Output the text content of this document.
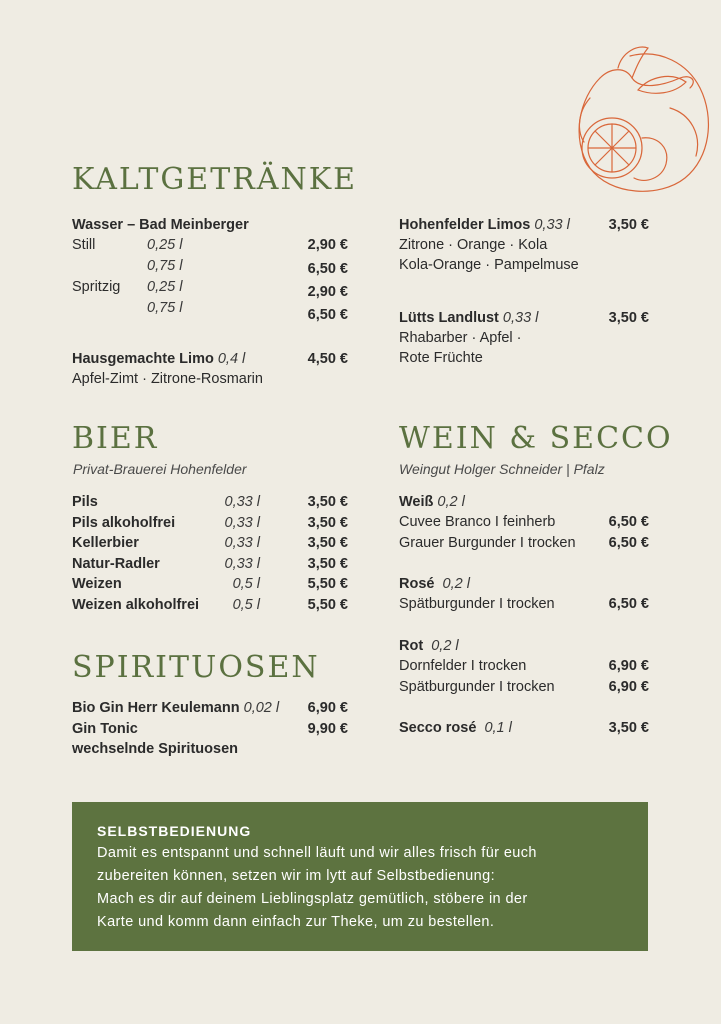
KALTGETRÄNKE
Wasser – Bad Meinberger
Still	0,25 l	2,90 €
0,75 l	6,50 €
Spritzig 0,25 l	2,90 €
0,75 l	6,50 €
Hausgemachte Limo 0,4 l	4,50 €
Apfel-Zimt · Zitrone-Rosmarin
Hohenfelder Limos 0,33 l	3,50 €
Zitrone · Orange · Kola
Kola-Orange · Pampelmuse
Lütts Landlust 0,33 l	3,50 €
Rhabarber · Apfel ·
Rote Früchte
BIER
Privat-Brauerei Hohenfelder
Pils	0,33 l	3,50 €
Pils alkoholfrei	0,33 l	3,50 €
Kellerbier	0,33 l	3,50 €
Natur-Radler	0,33 l	3,50 €
Weizen	0,5 l	5,50 €
Weizen alkoholfrei 0,5 l	5,50 €
SPIRITUOSEN
Bio Gin Herr Keulemann 0,02 l 6,90 €
Gin Tonic	9,90 €
wechselnde Spirituosen
WEIN & SECCO
Weingut Holger Schneider | Pfalz
Weiß 0,2 l
Cuvee Branco I feinherb	6,50 €
Grauer Burgunder I trocken 6,50 €
Rosé 0,2 l
Spätburgunder I trocken	6,50 €
Rot 0,2 l
Dornfelder I trocken	6,90 €
Spätburgunder I trocken	6,90 €
Secco rosé 0,1 l	3,50 €
SELBSTBEDIENUNG
Damit es entspannt und schnell läuft und wir alles frisch für euch
zubereiten können, setzen wir im lytt auf Selbstbedienung:
Mach es dir auf deinem Lieblingsplatz gemütlich, stöbere in der
Karte und komm dann einfach zur Theke, um zu bestellen.
